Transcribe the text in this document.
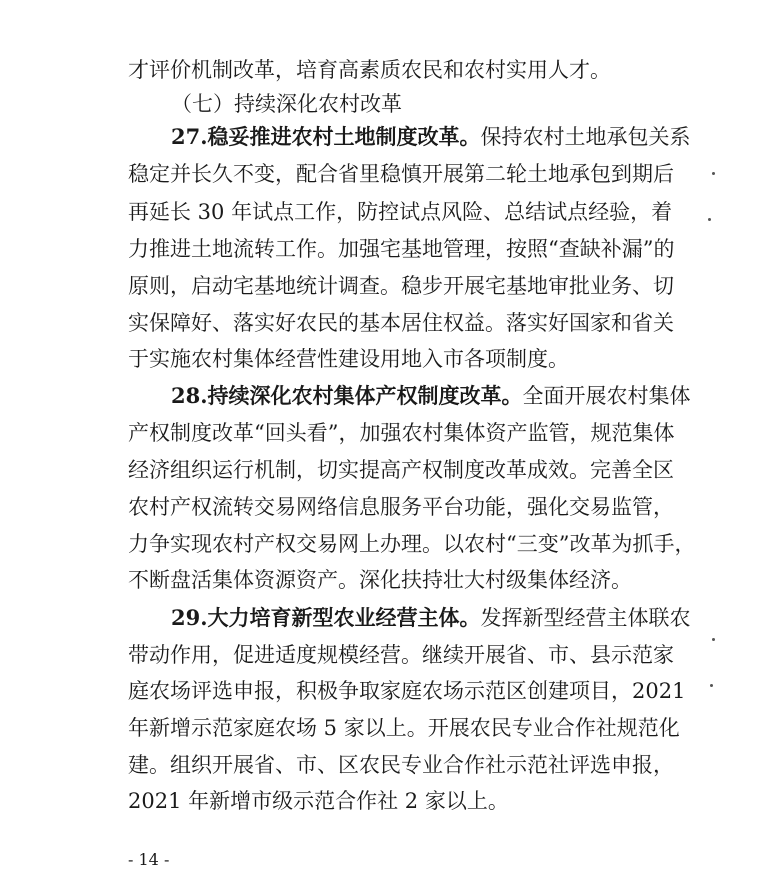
才评价机制改革，培育高素质农民和农村实用人才。
（七）持续深化农村改革
27.稳妥推进农村土地制度改革。保持农村土地承包关系
稳定并长久不变，配合省里稳慎开展第二轮土地承包到期后
再延长 30 年试点工作，防控试点风险、总结试点经验，着
力推进土地流转工作。加强宅基地管理，按照“查缺补漏”的
原则，启动宅基地统计调查。稳步开展宅基地审批业务、切
实保障好、落实好农民的基本居住权益。落实好国家和省关
于实施农村集体经营性建设用地入市各项制度。
28.持续深化农村集体产权制度改革。全面开展农村集体
产权制度改革“回头看”，加强农村集体资产监管，规范集体
经济组织运行机制，切实提高产权制度改革成效。完善全区
农村产权流转交易网络信息服务平台功能，强化交易监管，
力争实现农村产权交易网上办理。以农村“三变”改革为抓手，
不断盘活集体资源资产。深化扶持壮大村级集体经济。
29.大力培育新型农业经营主体。发挥新型经营主体联农
带动作用，促进适度规模经营。继续开展省、市、县示范家
庭农场评选申报，积极争取家庭农场示范区创建项目，2021
年新增示范家庭农场 5 家以上。开展农民专业合作社规范化
建。组织开展省、市、区农民专业合作社示范社评选申报，
2021 年新增市级示范合作社 2 家以上。
- 14 -
